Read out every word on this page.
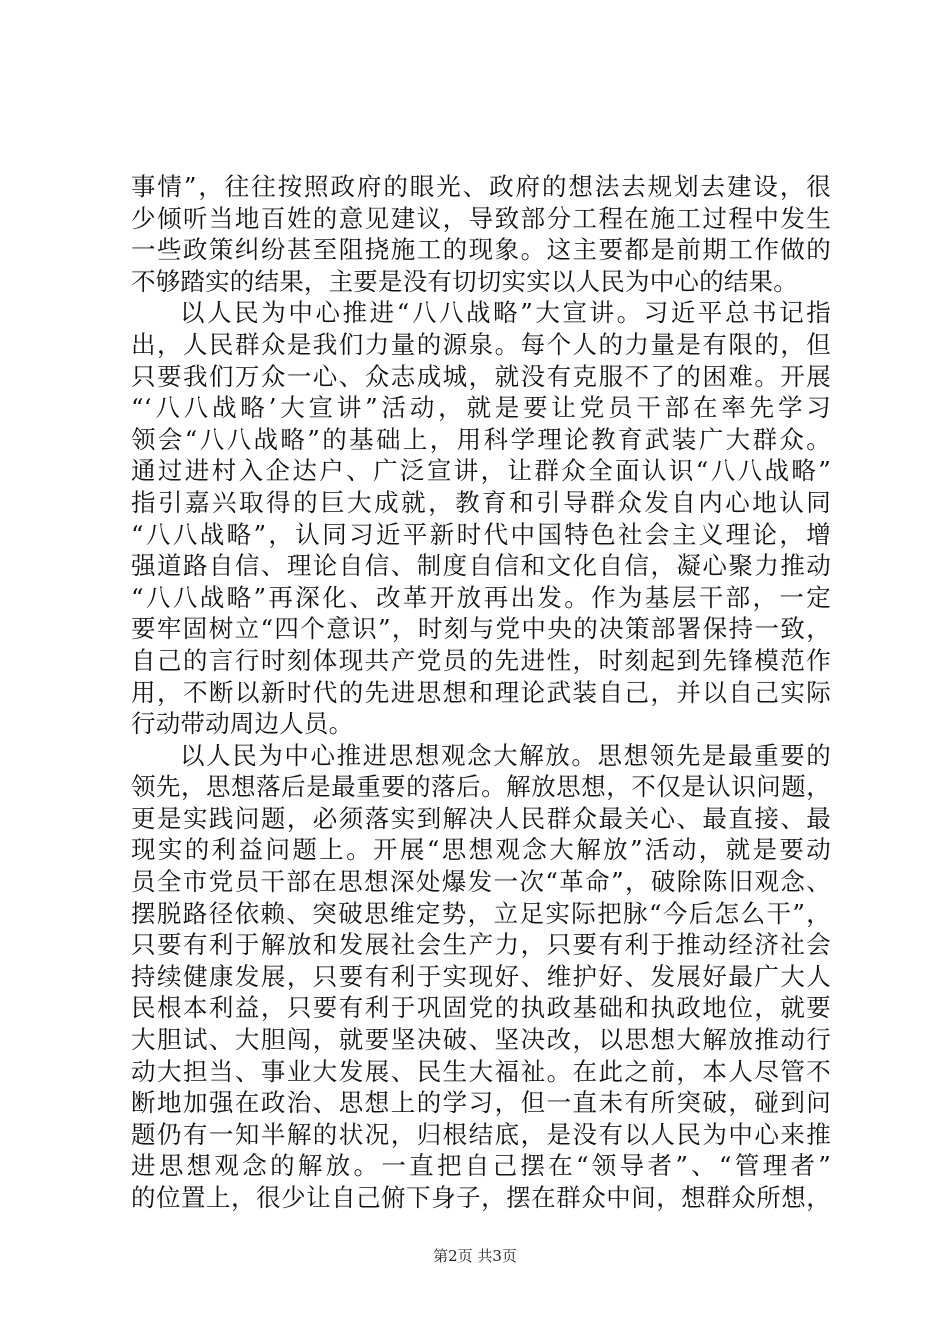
事情”，往往按照政府的眼光、政府的想法去规划去建设，很
少倾听当地百姓的意见建议，导致部分工程在施工过程中发生
一些政策纠纷甚至阻挠施工的现象。这主要都是前期工作做的
不够踏实的结果，主要是没有切切实实以人民为中心的结果。
以人民为中心推进“八八战略”大宣讲。习近平总书记指
出，人民群众是我们力量的源泉。每个人的力量是有限的，但
只要我们万众一心、众志成城，就没有克服不了的困难。开展
“‘八八战略’大宣讲”活动，就是要让党员干部在率先学习
领会“八八战略”的基础上，用科学理论教育武装广大群众。
通过进村入企达户、广泛宣讲，让群众全面认识“八八战略”
指引嘉兴取得的巨大成就，教育和引导群众发自内心地认同
“八八战略”，认同习近平新时代中国特色社会主义理论，增
强道路自信、理论自信、制度自信和文化自信，凝心聚力推动
“八八战略”再深化、改革开放再出发。作为基层干部，一定
要牢固树立“四个意识”，时刻与党中央的决策部署保持一致，
自己的言行时刻体现共产党员的先进性，时刻起到先锋模范作
用，不断以新时代的先进思想和理论武装自己，并以自己实际
行动带动周边人员。
以人民为中心推进思想观念大解放。思想领先是最重要的
领先，思想落后是最重要的落后。解放思想，不仅是认识问题，
更是实践问题，必须落实到解决人民群众最关心、最直接、最
现实的利益问题上。开展“思想观念大解放”活动，就是要动
员全市党员干部在思想深处爆发一次“革命”，破除陈旧观念、
摆脱路径依赖、突破思维定势，立足实际把脉“今后怎么干”，
只要有利于解放和发展社会生产力，只要有利于推动经济社会
持续健康发展，只要有利于实现好、维护好、发展好最广大人
民根本利益，只要有利于巩固党的执政基础和执政地位，就要
大胆试、大胆闯，就要坚决破、坚决改，以思想大解放推动行
动大担当、事业大发展、民生大福祉。在此之前，本人尽管不
断地加强在政治、思想上的学习，但一直未有所突破，碰到问
题仍有一知半解的状况，归根结底，是没有以人民为中心来推
进思想观念的解放。一直把自己摆在“领导者”、“管理者”
的位置上，很少让自己俯下身子，摆在群众中间，想群众所想，
第2页 共3页
